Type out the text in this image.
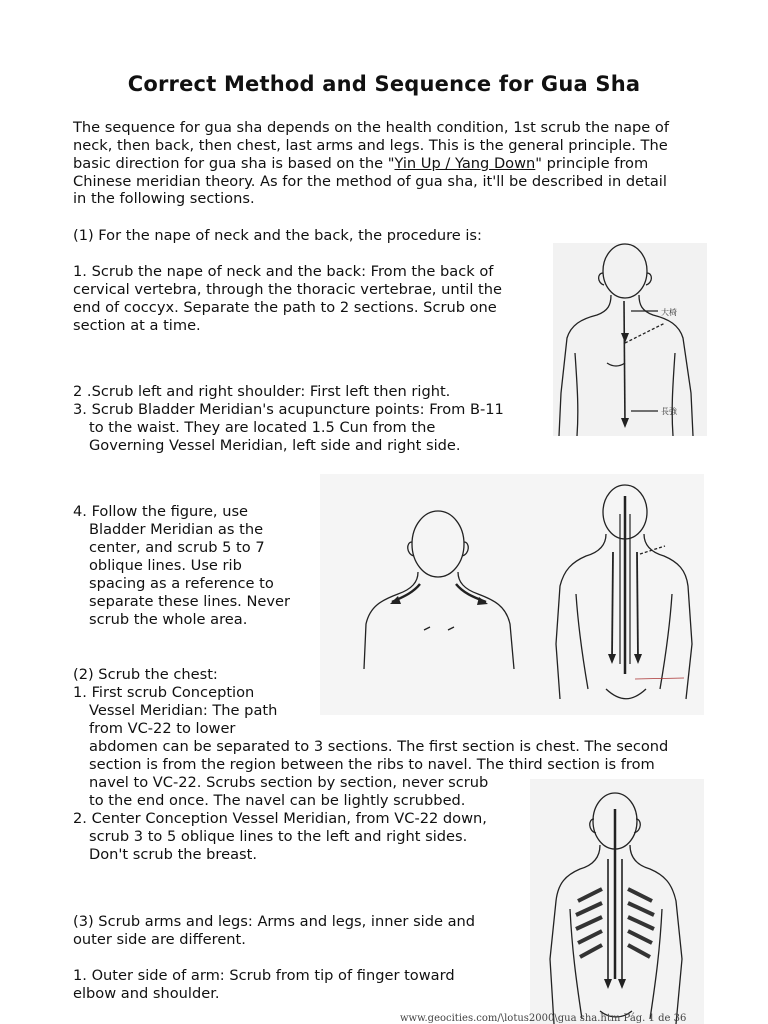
Correct Method and Sequence for Gua Sha
The sequence for gua sha depends on the health condition, 1st scrub the nape of
neck, then back, then chest, last arms and legs. This is the general principle. The
basic direction for gua sha is based on the "Yin Up / Yang Down" principle from
Chinese meridian theory. As for the method of gua sha, it'll be described in detail
in the following sections.
(1) For the nape of neck and the back, the procedure is:
1. Scrub the nape of neck and the back: From the back of
cervical vertebra, through the thoracic vertebrae, until the
end of coccyx. Separate the path to 2 sections. Scrub one
section at a time.
2 .Scrub left and right shoulder: First left then right.
3. Scrub Bladder Meridian's acupuncture points: From B-11
to the waist. They are located 1.5 Cun from the
Governing Vessel Meridian, left side and right side.
4. Follow the figure, use
Bladder Meridian as the
center, and scrub 5 to 7
oblique lines. Use rib
spacing as a reference to
separate these lines. Never
scrub the whole area.
(2) Scrub the chest:
1. First scrub Conception
Vessel Meridian: The path
from VC-22 to lower
abdomen can be separated to 3 sections. The first section is chest. The second
section is from the region between the ribs to navel. The third section is from
navel to VC-22. Scrubs section by section, never scrub
to the end once. The navel can be lightly scrubbed.
2. Center Conception Vessel Meridian, from VC-22 down,
scrub 3 to 5 oblique lines to the left and right sides.
Don't scrub the breast.
(3) Scrub arms and legs: Arms and legs, inner side and
outer side are different.
1. Outer side of arm: Scrub from tip of finger toward
elbow and shoulder.
大椅
長強
www.geocities.com/\lotus2000\gua sha.htm Pág. 1 de 36
